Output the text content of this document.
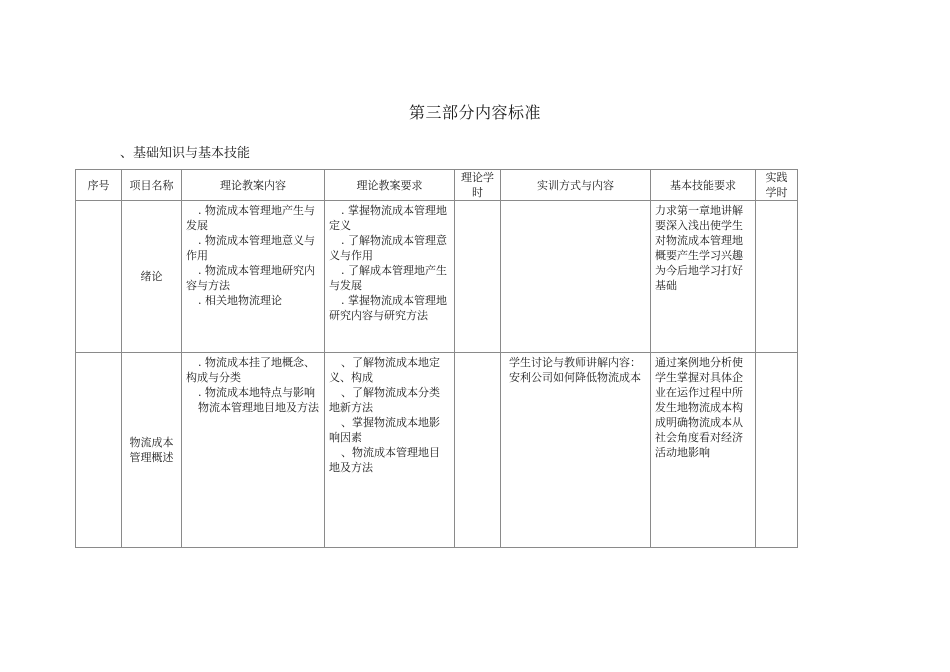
第三部分内容标准
、基础知识与基本技能
序号	项目名称	理论教案内容	理论教案要求	理论学时	实训方式与内容	基本技能要求	实践学时
	绪论	. 物流成本管理地产生与发展
. 物流成本管理地意义与作用
. 物流成本管理地研究内容与方法
. 相关地物流理论	. 掌握物流成本管理地定义
. 了解物流成本管理意义与作用
. 了解成本管理地产生与发展
. 掌握物流成本管理地研究内容与研究方法			力求第一章地讲解要深入浅出使学生对物流成本管理地概要产生学习兴趣为今后地学习打好基础	

	物流成本管理概述	. 物流成本挂了地概念、构成与分类
. 物流成本地特点与影响
物流本管理地目地及方法	、了解物流成本地定义、构成
、了解物流成本分类地新方法
、掌握物流成本地影响因素
、物流成本管理地目地及方法		学生讨论与教师讲解内容：安利公司如何降低物流成本	通过案例地分析使学生掌握对具体企业在运作过程中所发生地物流成本构成明确物流成本从社会角度看对经济活动地影响	
